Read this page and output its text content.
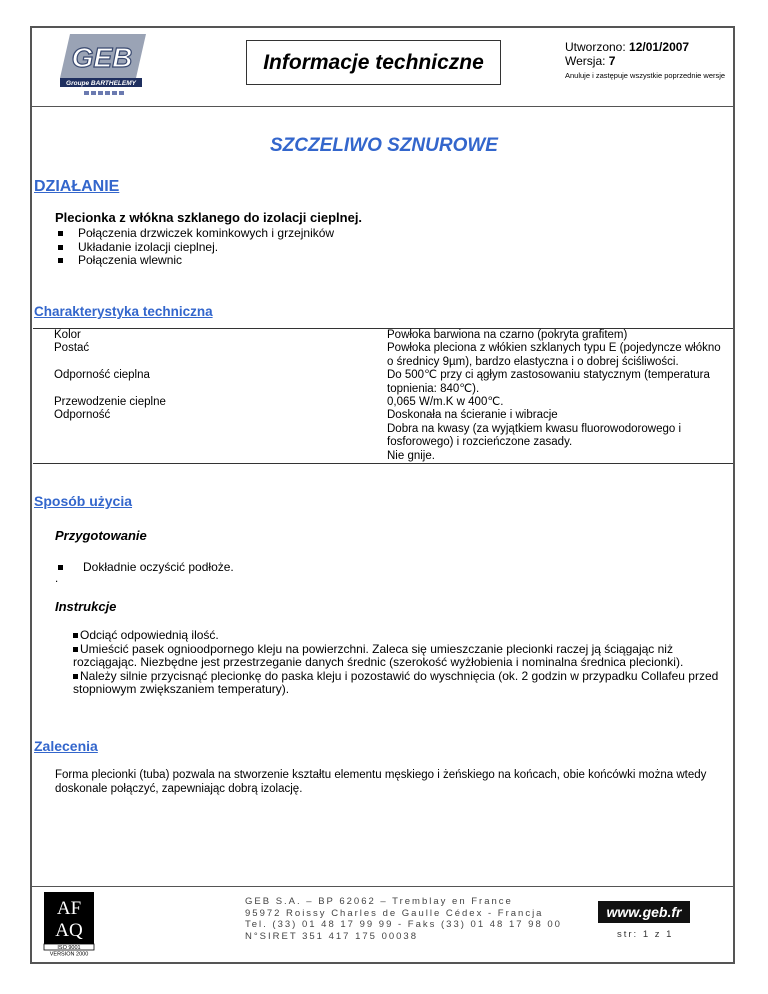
GEB
Groupe BARTHELEMY
Informacje techniczne
Utworzono: 12/01/2007
Wersja: 7
Anuluje i zastępuje wszystkie poprzednie wersje
SZCZELIWO SZNUROWE
DZIAŁANIE
Plecionka z włókna szklanego do izolacji cieplnej.
Połączenia drzwiczek kominkowych i grzejników
Układanie izolacji cieplnej.
Połączenia wlewnic
Charakterystyka techniczna
Kolor	Powłoka barwiona na czarno (pokryta grafitem)
Postać	Powłoka pleciona z włókien szklanych typu E (pojedyncze włókno o średnicy 9µm), bardzo elastyczna i o dobrej ściśliwości.
Odporność cieplna	Do 500℃ przy ci ągłym zastosowaniu statycznym (temperatura topnienia: 840℃).
Przewodzenie cieplne	0,065 W/m.K w 400℃.
Odporność	Doskonała na ścieranie i wibracje
Dobra na kwasy (za wyjątkiem kwasu fluorowodorowego i fosforowego) i rozcieńczone zasady.
Nie gnije.
Sposób użycia
Przygotowanie
Dokładnie oczyścić podłoże.
.
Instrukcje
Odciąć odpowiednią ilość.
Umieścić pasek ognioodpornego kleju na powierzchni. Zaleca się umieszczanie plecionki raczej ją ściągając niż rozciągając. Niezbędne jest przestrzeganie danych średnic (szerokość wyżłobienia i nominalna średnica plecionki).
Należy silnie przycisnąć plecionkę do paska kleju i pozostawić do wyschnięcia (ok. 2 godzin w przypadku Collafeu przed stopniowym zwiększaniem temperatury).
Zalecenia
Forma plecionki (tuba) pozwala na stworzenie kształtu elementu męskiego i żeńskiego na końcach, obie końcówki można wtedy doskonale połączyć, zapewniając dobrą izolację.
AF
AQ
ISO 9001
VERSION 2000
GEB S.A. – BP 62062 – Tremblay en France
95972 Roissy Charles de Gaulle Cédex - Francja
Tel. (33) 01 48 17 99 99 - Faks (33) 01 48 17 98 00
N°SIRET 351 417 175 00038
www.geb.fr
str: 1 z 1
